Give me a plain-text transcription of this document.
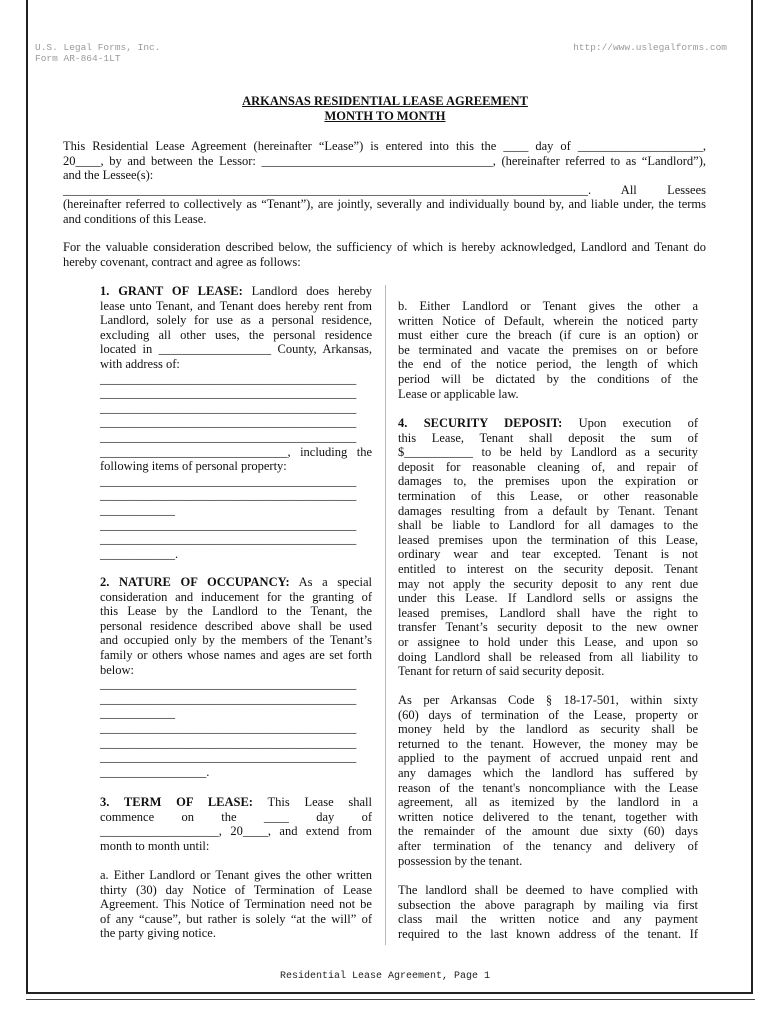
U.S. Legal Forms, Inc.
Form AR-864-1LT
http://www.uslegalforms.com
ARKANSAS RESIDENTIAL LEASE AGREEMENT
MONTH TO MONTH
This Residential Lease Agreement (hereinafter “Lease”) is entered into this the ____ day of ____________________,
20____, by and between the Lessor: _____________________________________, (hereinafter referred to as “Landlord”),
and the Lessee(s):
____________________________________________________________________________________. All Lessees
(hereinafter referred to collectively as “Tenant”), are jointly, severally and individually bound by, and liable under, the terms
and conditions of this Lease.
For the valuable consideration described below, the sufficiency of which is hereby acknowledged, Landlord and Tenant do
hereby covenant, contract and agree as follows:
1. GRANT OF LEASE: Landlord does hereby
lease unto Tenant, and Tenant does hereby rent from
Landlord, solely for use as a personal residence,
excluding all other uses, the personal residence
located in __________________ County, Arkansas,
with address of:
_________________________________________
_________________________________________
_________________________________________
_________________________________________
_________________________________________
______________________________, including the
following items of personal property:
_________________________________________
_________________________________________
____________
_________________________________________
_________________________________________
____________.
2. NATURE OF OCCUPANCY: As a special
consideration and inducement for the granting of
this Lease by the Landlord to the Tenant, the
personal residence described above shall be used
and occupied only by the members of the Tenant’s
family or others whose names and ages are set forth
below:
_________________________________________
_________________________________________
____________
_________________________________________
_________________________________________
_________________________________________
_________________.
3. TERM OF LEASE: This Lease shall
commence on the ____ day of
___________________, 20____, and extend from
month to month until:
a. Either Landlord or Tenant gives the other written
thirty (30) day Notice of Termination of Lease
Agreement. This Notice of Termination need not be
of any “cause”, but rather is solely “at the will” of
the party giving notice.
b. Either Landlord or Tenant gives the other a
written Notice of Default, wherein the noticed party
must either cure the breach (if cure is an option) or
be terminated and vacate the premises on or before
the end of the notice period, the length of which
period will be dictated by the conditions of the
Lease or applicable law.
4. SECURITY DEPOSIT: Upon execution of
this Lease, Tenant shall deposit the sum of
$___________ to be held by Landlord as a security
deposit for reasonable cleaning of, and repair of
damages to, the premises upon the expiration or
termination of this Lease, or other reasonable
damages resulting from a default by Tenant. Tenant
shall be liable to Landlord for all damages to the
leased premises upon the termination of this Lease,
ordinary wear and tear excepted. Tenant is not
entitled to interest on the security deposit. Tenant
may not apply the security deposit to any rent due
under this Lease. If Landlord sells or assigns the
leased premises, Landlord shall have the right to
transfer Tenant’s security deposit to the new owner
or assignee to hold under this Lease, and upon so
doing Landlord shall be released from all liability to
Tenant for return of said security deposit.
As per Arkansas Code § 18-17-501, within sixty
(60) days of termination of the Lease, property or
money held by the landlord as security shall be
returned to the tenant. However, the money may be
applied to the payment of accrued unpaid rent and
any damages which the landlord has suffered by
reason of the tenant's noncompliance with the Lease
agreement, all as itemized by the landlord in a
written notice delivered to the tenant, together with
the remainder of the amount due sixty (60) days
after termination of the tenancy and delivery of
possession by the tenant.
The landlord shall be deemed to have complied with
subsection the above paragraph by mailing via first
class mail the written notice and any payment
required to the last known address of the tenant. If
Residential Lease Agreement, Page 1
